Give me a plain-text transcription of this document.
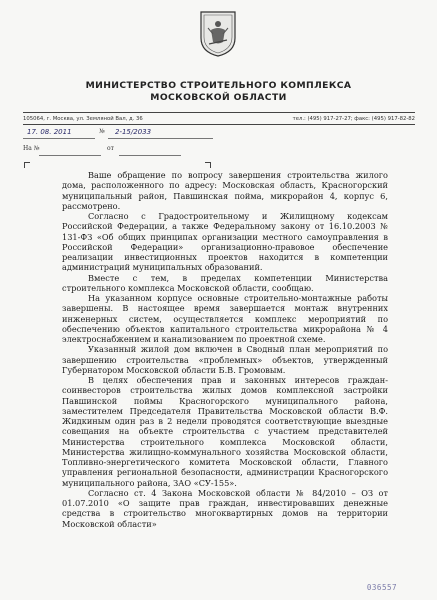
МИНИСТЕРСТВО СТРОИТЕЛЬНОГО КОМПЛЕКСА
МОСКОВСКОЙ ОБЛАСТИ
105064, г. Москва, ул. Земляной Вал, д. 36	тел.: (495) 917-27-27; факс: (495) 917-82-82
17. 08. 2011	№ 2-15/2033
На №	от

Ваше обращение по вопросу завершения строительства жилого дома, расположенного по адресу: Московская область, Красногорский муниципальный район, Павшинская пойма, микрорайон 4, корпус 6, рассмотрено.

Согласно с Градостроительному и Жилищному кодексам Российской Федерации, а также Федеральному закону от 16.10.2003 № 131-ФЗ «Об общих принципах организации местного самоуправления в Российской Федерации» организационно-правовое обеспечение реализации инвестиционных проектов находится в компетенции администраций муниципальных образований.

Вместе с тем, в пределах компетенции Министерства строительного комплекса Московской области, сообщаю.

На указанном корпусе основные строительно-монтажные работы завершены. В настоящее время завершается монтаж внутренних инженерных систем, осуществляется комплекс мероприятий по обеспечению объектов капитального строительства микрорайона № 4 электроснабжением и канализованием по проектной схеме.

Указанный жилой дом включен в Сводный план мероприятий по завершению строительства «проблемных» объектов, утвержденный Губернатором Московской области Б.В. Громовым.

В целях обеспечения прав и законных интересов граждан-соинвесторов строительства жилых домов комплексной застройки Павшинской поймы Красногорского муниципального района, заместителем Председателя Правительства Московской области В.Ф. Жидкиным один раз в 2 недели проводятся соответствующие выездные совещания на объекте строительства с участием представителей Министерства строительного комплекса Московской области, Министерства жилищно-коммунального хозяйства Московской области, Топливно-энергетического комитета Московской области, Главного управления региональной безопасности, администрации Красногорского муниципального района, ЗАО «СУ-155».

Согласно ст. 4 Закона Московской области № 84/2010 – ОЗ от 01.07.2010 «О защите прав граждан, инвестировавших денежные средства в строительство многоквартирных домов на территории Московской области»

036557
